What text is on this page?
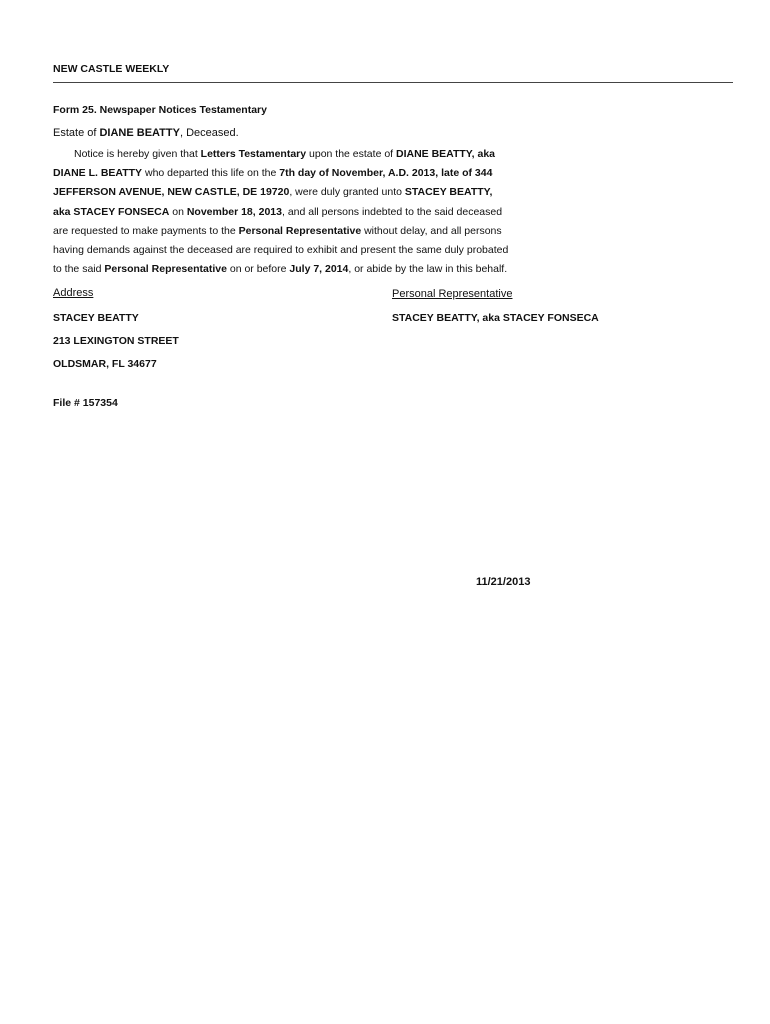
NEW CASTLE WEEKLY
Form 25. Newspaper Notices Testamentary
Estate of DIANE BEATTY, Deceased.
Notice is hereby given that Letters Testamentary upon the estate of DIANE BEATTY, aka
DIANE L. BEATTY who departed this life on the 7th day of November, A.D. 2013, late of 344
JEFFERSON AVENUE, NEW CASTLE, DE 19720, were duly granted unto STACEY BEATTY,
aka STACEY FONSECA on November 18, 2013, and all persons indebted to the said deceased
are requested to make payments to the Personal Representative without delay, and all persons
having demands against the deceased are required to exhibit and present the same duly probated
to the said Personal Representative on or before July 7, 2014, or abide by the law in this behalf.
Address	Personal Representative
STACEY BEATTY	STACEY BEATTY, aka STACEY FONSECA
213 LEXINGTON STREET
OLDSMAR, FL 34677
File # 157354
11/21/2013
